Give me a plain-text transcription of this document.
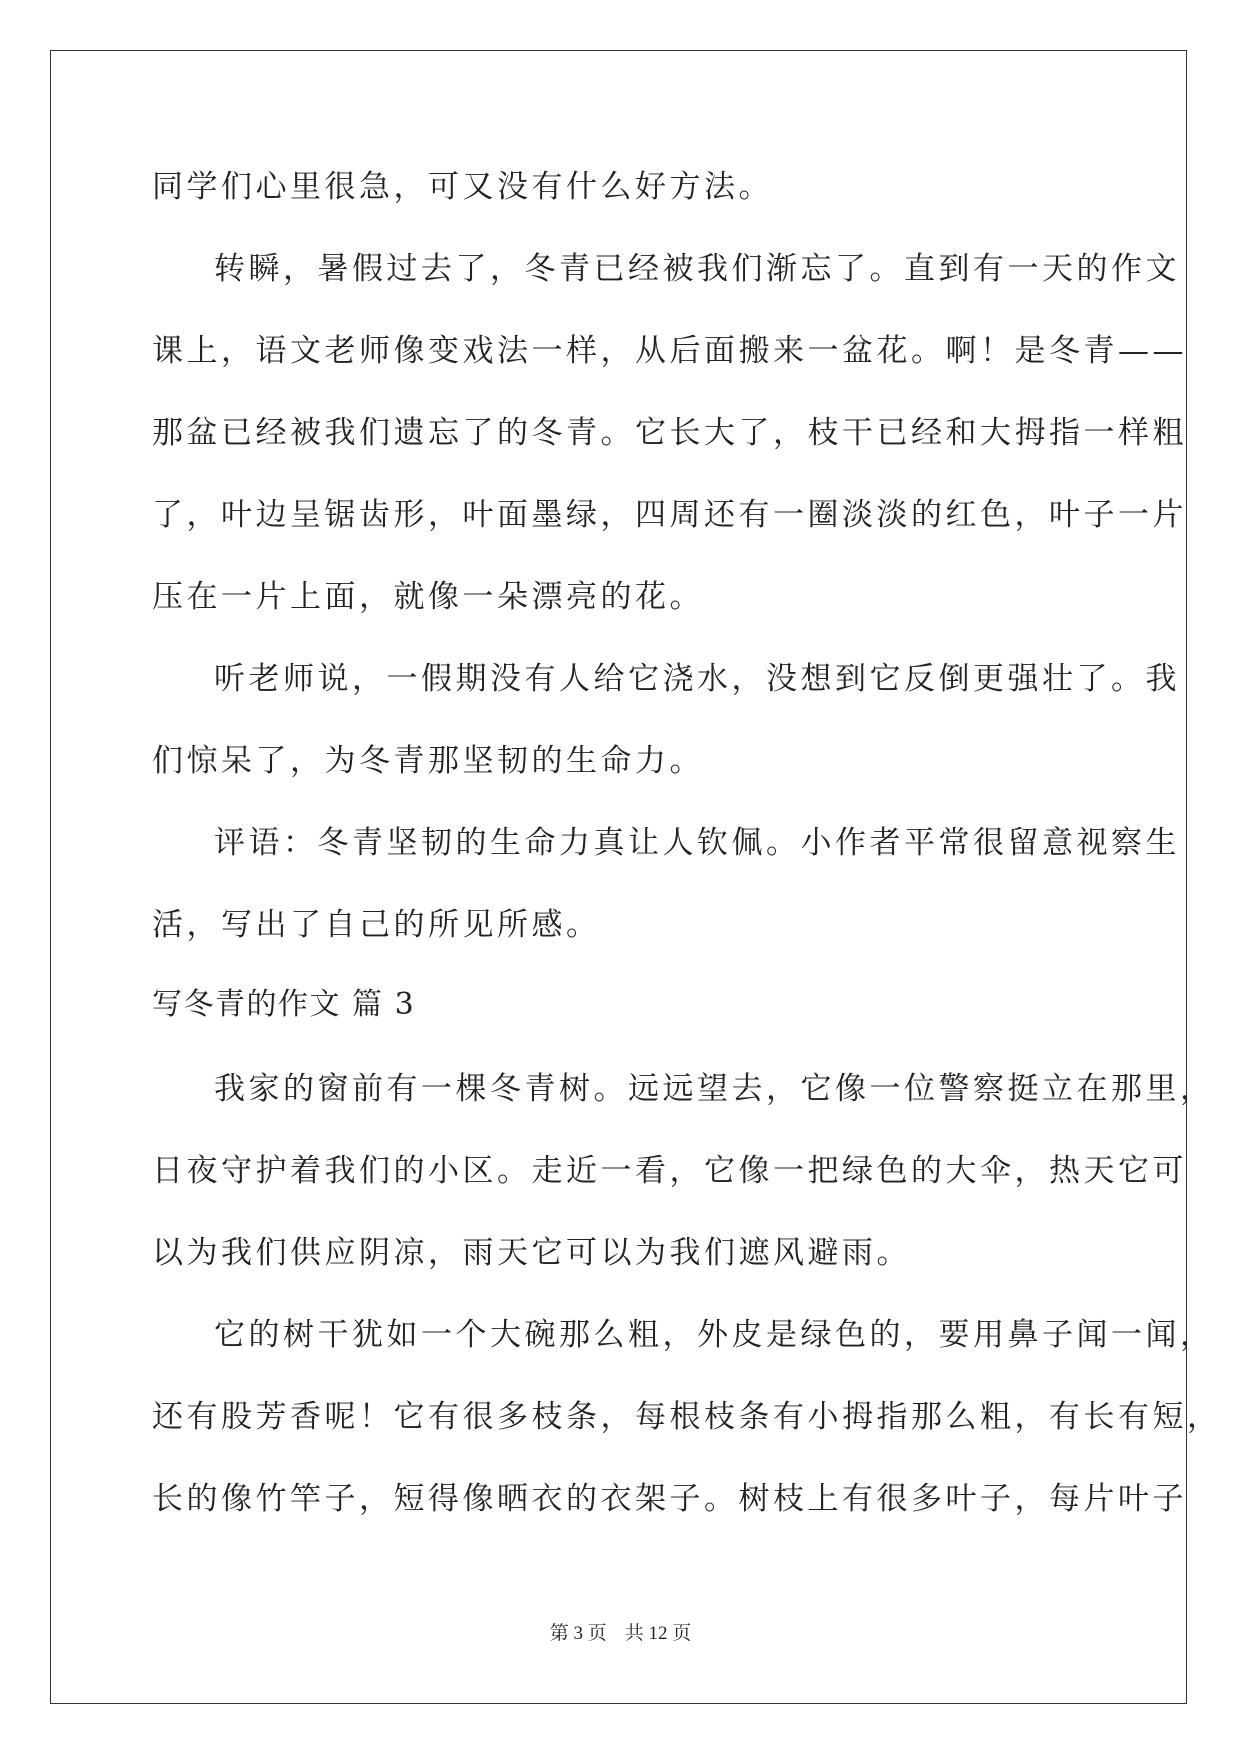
同学们心里很急，可又没有什么好方法。
转瞬，暑假过去了，冬青已经被我们渐忘了。直到有一天的作文
课上，语文老师像变戏法一样，从后面搬来一盆花。啊！是冬青——
那盆已经被我们遗忘了的冬青。它长大了，枝干已经和大拇指一样粗
了，叶边呈锯齿形，叶面墨绿，四周还有一圈淡淡的红色，叶子一片
压在一片上面，就像一朵漂亮的花。
听老师说，一假期没有人给它浇水，没想到它反倒更强壮了。我
们惊呆了，为冬青那坚韧的生命力。
评语：冬青坚韧的生命力真让人钦佩。小作者平常很留意视察生
活，写出了自己的所见所感。
写冬青的作文 篇 3
我家的窗前有一棵冬青树。远远望去，它像一位警察挺立在那里，
日夜守护着我们的小区。走近一看，它像一把绿色的大伞，热天它可
以为我们供应阴凉，雨天它可以为我们遮风避雨。
它的树干犹如一个大碗那么粗，外皮是绿色的，要用鼻子闻一闻，
还有股芳香呢！它有很多枝条，每根枝条有小拇指那么粗，有长有短，
长的像竹竿子，短得像晒衣的衣架子。树枝上有很多叶子，每片叶子
第 3 页 共 12 页
